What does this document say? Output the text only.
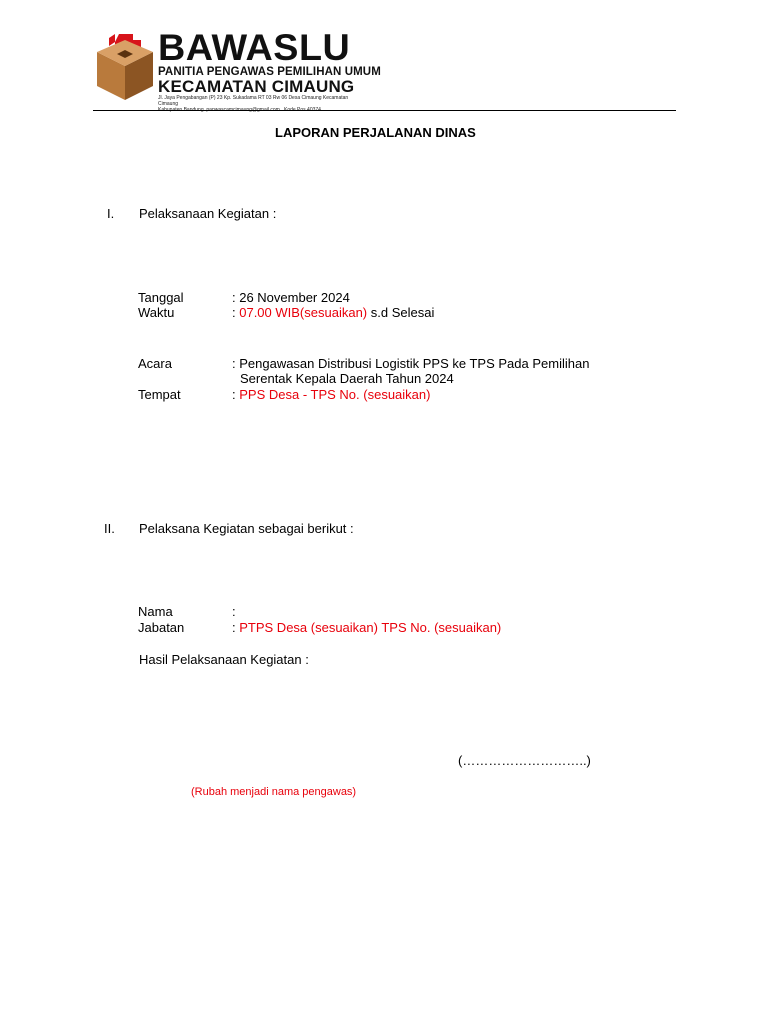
BAWASLU
PANITIA PENGAWAS PEMILIHAN UMUM
KECAMATAN CIMAUNG
Jl. Jaya Pengabangan (P) 23 Kp. Sukadama RT 03 Rw 06 Desa Cimaung Kecamatan Cimaung
Kabupaten Bandung. panwascamcimaung@gmail.com . Kode Pos 40374
LAPORAN PERJALANAN DINAS
I. Pelaksanaan Kegiatan :
Tanggal	: 26 November 2024
Waktu	: 07.00 WIB(sesuaikan) s.d Selesai
Acara	: Pengawasan Distribusi Logistik PPS ke TPS Pada Pemilihan
Serentak Kepala Daerah Tahun 2024
Tempat	: PPS Desa - TPS No. (sesuaikan)
II. Pelaksana Kegiatan sebagai berikut :
Nama	:
Jabatan	: PTPS Desa (sesuaikan) TPS No. (sesuaikan)
Hasil Pelaksanaan Kegiatan :
(………………………..)
(Rubah menjadi nama pengawas)
